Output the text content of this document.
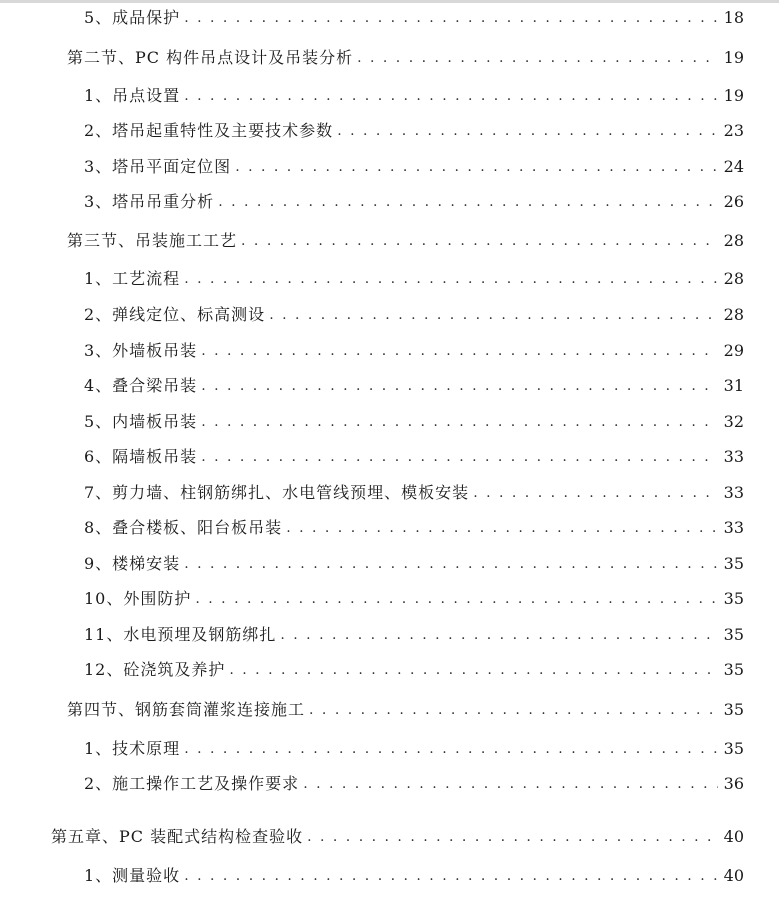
5、成品保护 . . .	18
第二节、PC 构件吊点设计及吊装分析 . . .	19
1、吊点设置 . . .	19
2、塔吊起重特性及主要技术参数 . . .	23
3、塔吊平面定位图 . . .	24
3、塔吊吊重分析 . . .	26
第三节、吊装施工工艺 . . .	28
1、工艺流程 . . .	28
2、弹线定位、标高测设 . . .	28
3、外墙板吊装 . . .	29
4、叠合梁吊装 . . .	31
5、内墙板吊装 . . .	32
6、隔墙板吊装 . . .	33
7、剪力墙、柱钢筋绑扎、水电管线预埋、模板安装 . . .	33
8、叠合楼板、阳台板吊装 . . .	33
9、楼梯安装 . . .	35
10、外围防护 . . .	35
11、水电预埋及钢筋绑扎 . . .	35
12、砼浇筑及养护 . . .	35
第四节、钢筋套筒灌浆连接施工 . . .	35
1、技术原理 . . .	35
2、施工操作工艺及操作要求 . . .	36
第五章、PC 装配式结构检查验收 . . .	40
1、测量验收 . . .	40
